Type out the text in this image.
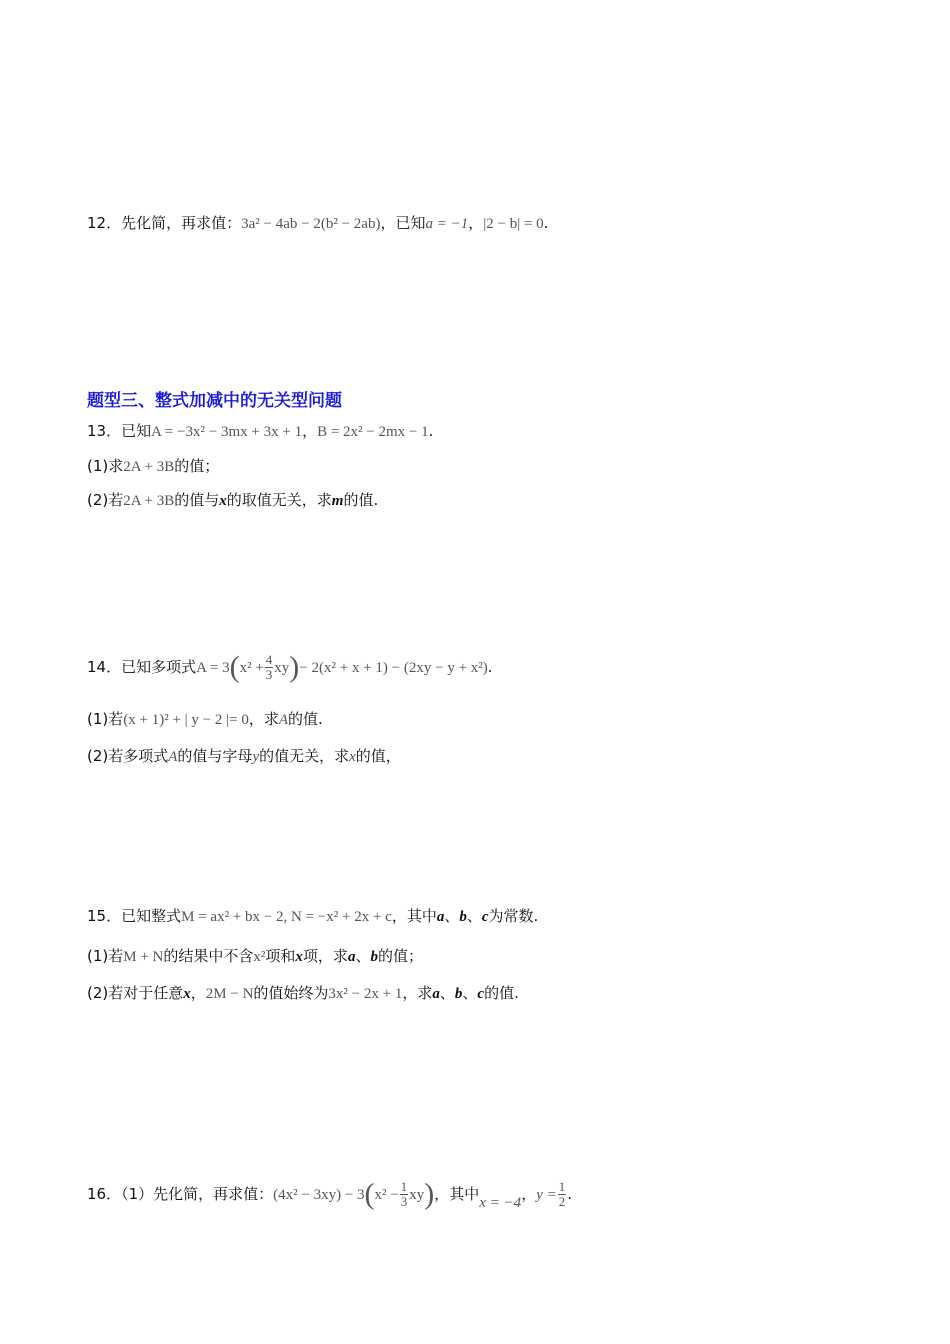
12．先化简，再求值：3a² − 4ab − 2(b² − 2ab)，已知a = −1，|2 − b| = 0.
题型三、整式加减中的无关型问题
13．已知A = −3x² − 3mx + 3x + 1，B = 2x² − 2mx − 1.
(1)求2A + 3B的值；
(2)若2A + 3B的值与x的取值无关，求m的值.
14．已知多项式$A = 3(x^2 + \frac{4}{3} xy)- 2(x^2 + x + 1) - (2xy - y + x^2)$.
(1)若(x + 1)² + | y − 2 |= 0，求A的值.
(2)若多项式A的值与字母y的值无关，求x的值，
15．已知整式M = ax² + bx − 2, N = −x² + 2x + c，其中a、b、c为常数.
(1)若M + N的结果中不含x²项和x项，求a、b的值；
(2)若对于任意x，2M − N的值始终为3x² − 2x + 1，求a、b、c的值.
16．（1）先化简，再求值：$(4x^2 - 3xy) - 3(x^2 - \frac{1}{3} xy)$，其中x = −4，$y = \frac{1}{2}$ .
